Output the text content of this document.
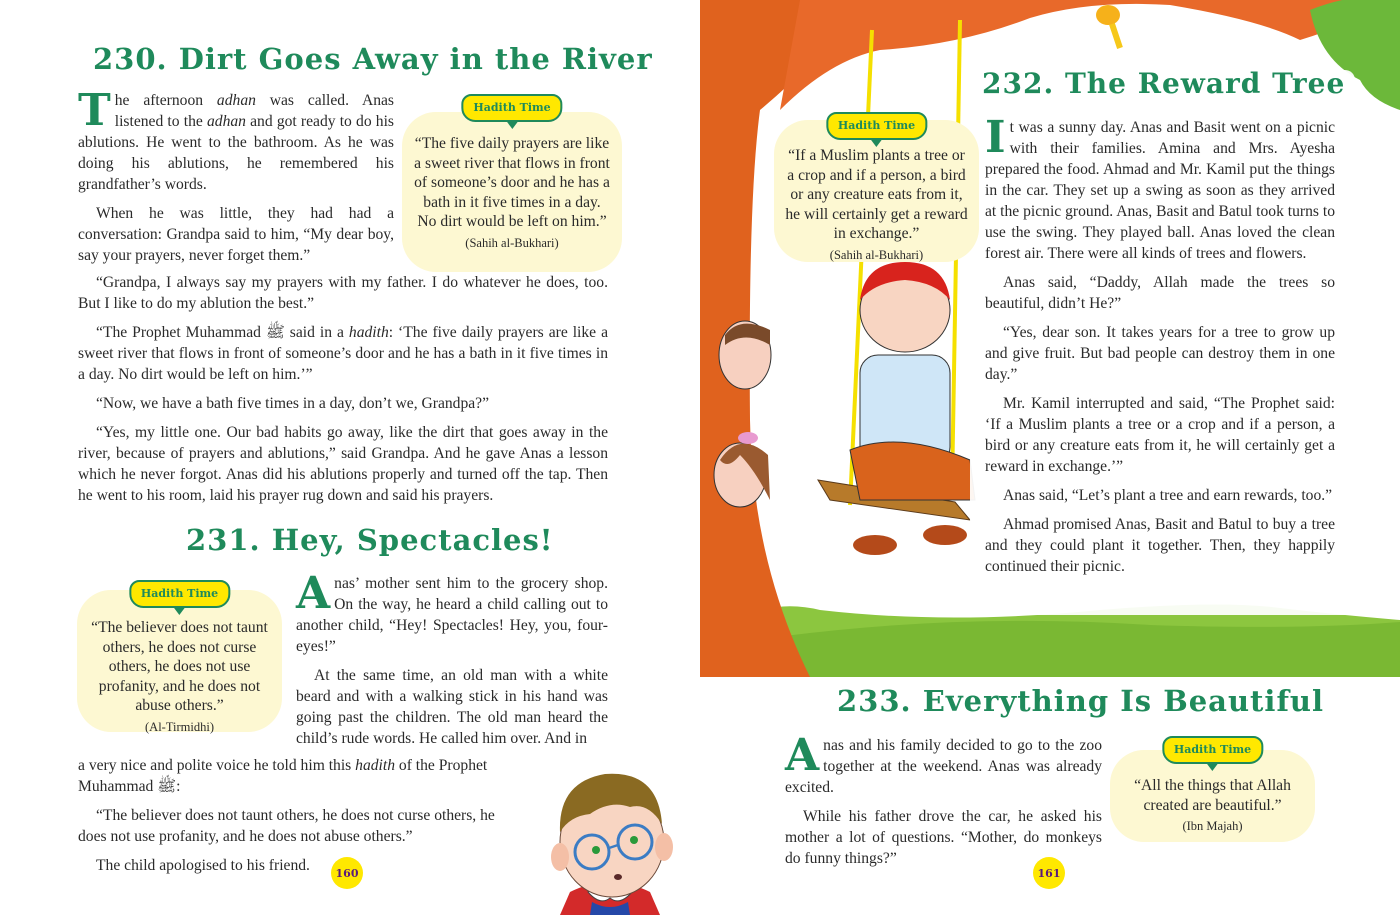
230. Dirt Goes Away in the River
Hadith Time
“The five daily prayers are like a sweet river that flows in front of someone’s door and he has a bath in it five times in a day. No dirt would be left on him.”
(Sahih al-Bukhari)

The afternoon adhan was called. Anas listened to the adhan and got ready to do his ablutions. He went to the bathroom. As he was doing his ablutions, he remembered his grandfather’s words.

When he was little, they had had a conversation: Grandpa said to him, “My dear boy, say your prayers, never forget them.”

“Grandpa, I always say my prayers with my father. I do whatever he does, too. But I like to do my ablution the best.”

“The Prophet Muhammad ﷺ said in a hadith: ‘The five daily prayers are like a sweet river that flows in front of someone’s door and he has a bath in it five times in a day. No dirt would be left on him.’”

“Now, we have a bath five times in a day, don’t we, Grandpa?”

“Yes, my little one. Our bad habits go away, like the dirt that goes away in the river, because of prayers and ablutions,” said Grandpa. And he gave Anas a lesson which he never forgot. Anas did his ablutions properly and turned off the tap. Then he went to his room, laid his prayer rug down and said his prayers.

231. Hey, Spectacles!
Hadith Time
“The believer does not taunt others, he does not curse others, he does not use profanity, and he does not abuse others.”
(Al-Tirmidhi)

Anas’ mother sent him to the grocery shop. On the way, he heard a child calling out to another child, “Hey! Spectacles! Hey, you, four-eyes!”

At the same time, an old man with a white beard and with a walking stick in his hand was going past the children. The old man heard the child’s rude words. He called him over. And in

a very nice and polite voice he told him this hadith of the Prophet Muhammad ﷺ:

“The believer does not taunt others, he does not curse others, he does not use profanity, and he does not abuse others.”

The child apologised to his friend.	160
232. The Reward Tree
Hadith Time
“If a Muslim plants a tree or a crop and if a person, a bird or any creature eats from it, he will certainly get a reward in exchange.”
(Sahih al-Bukhari)

It was a sunny day. Anas and Basit went on a picnic with their families. Amina and Mrs. Ayesha prepared the food. Ahmad and Mr. Kamil put the things in the car. They set up a swing as soon as they arrived at the picnic ground. Anas, Basit and Batul took turns to use the swing. They played ball. Anas loved the clean forest air. There were all kinds of trees and flowers.

Anas said, “Daddy, Allah made the trees so beautiful, didn’t He?”

“Yes, dear son. It takes years for a tree to grow up and give fruit. But bad people can destroy them in one day.”

Mr. Kamil interrupted and said, “The Prophet said: ‘If a Muslim plants a tree or a crop and if a person, a bird or any creature eats from it, he will certainly get a reward in exchange.’”

Anas said, “Let’s plant a tree and earn rewards, too.”

Ahmad promised Anas, Basit and Batul to buy a tree and they could plant it together. Then, they happily continued their picnic.

233. Everything Is Beautiful

Anas and his family decided to go to the zoo together at the weekend. Anas was already excited.

While his father drove the car, he asked his mother a lot of questions. “Mother, do monkeys do funny things?”

Hadith Time
“All the things that Allah created are beautiful.”
(Ibn Majah)
161
